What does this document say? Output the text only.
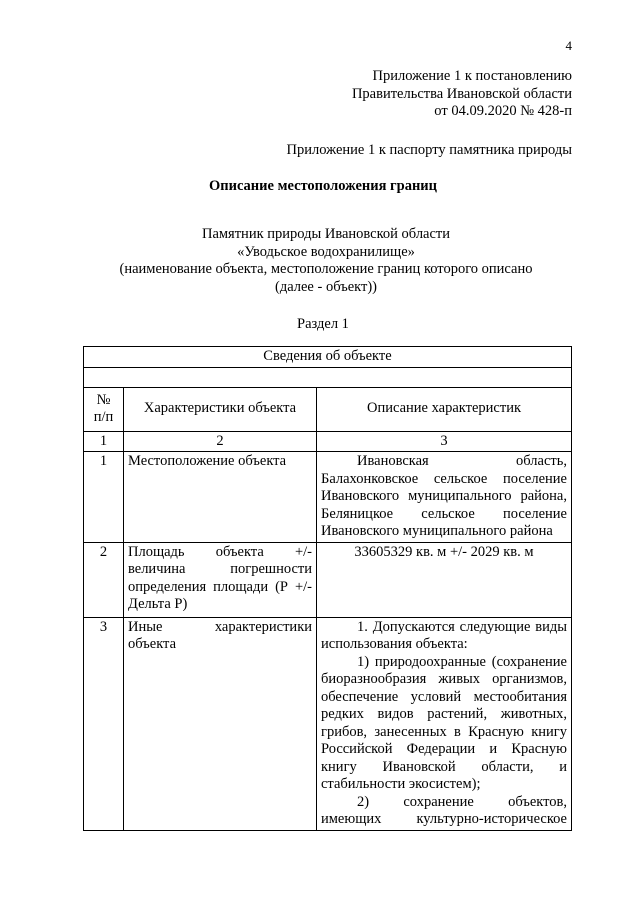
4
Приложение 1 к постановлению
Правительства Ивановской области
от 04.09.2020 № 428-п
Приложение 1 к паспорту памятника природы
Описание местоположения границ
Памятник природы Ивановской области
«Уводьское водохранилище»
(наименование объекта, местоположение границ которого описано
(далее - объект))
Раздел 1
Сведения об объекте		

№ п/п	Характеристики объекта	Описание характеристик
1	2	3
1	Местоположение объекта	Ивановская область, Балахонковское сельское поселение Ивановского муниципального района, Беляницкое сельское поселение Ивановского муниципального района
2	Площадь объекта +/- величина погрешности определения площади (Р +/- Дельта Р)	33605329 кв. м +/- 2029 кв. м
3	Иные характеристики объекта	1. Допускаются следующие виды использования объекта:
1) природоохранные (сохранение биоразнообразия живых организмов, обеспечение условий местообитания редких видов растений, животных, грибов, занесенных в Красную книгу Российской Федерации и Красную книгу Ивановской области, и стабильности экосистем);
2) сохранение объектов, имеющих культурно-историческое
